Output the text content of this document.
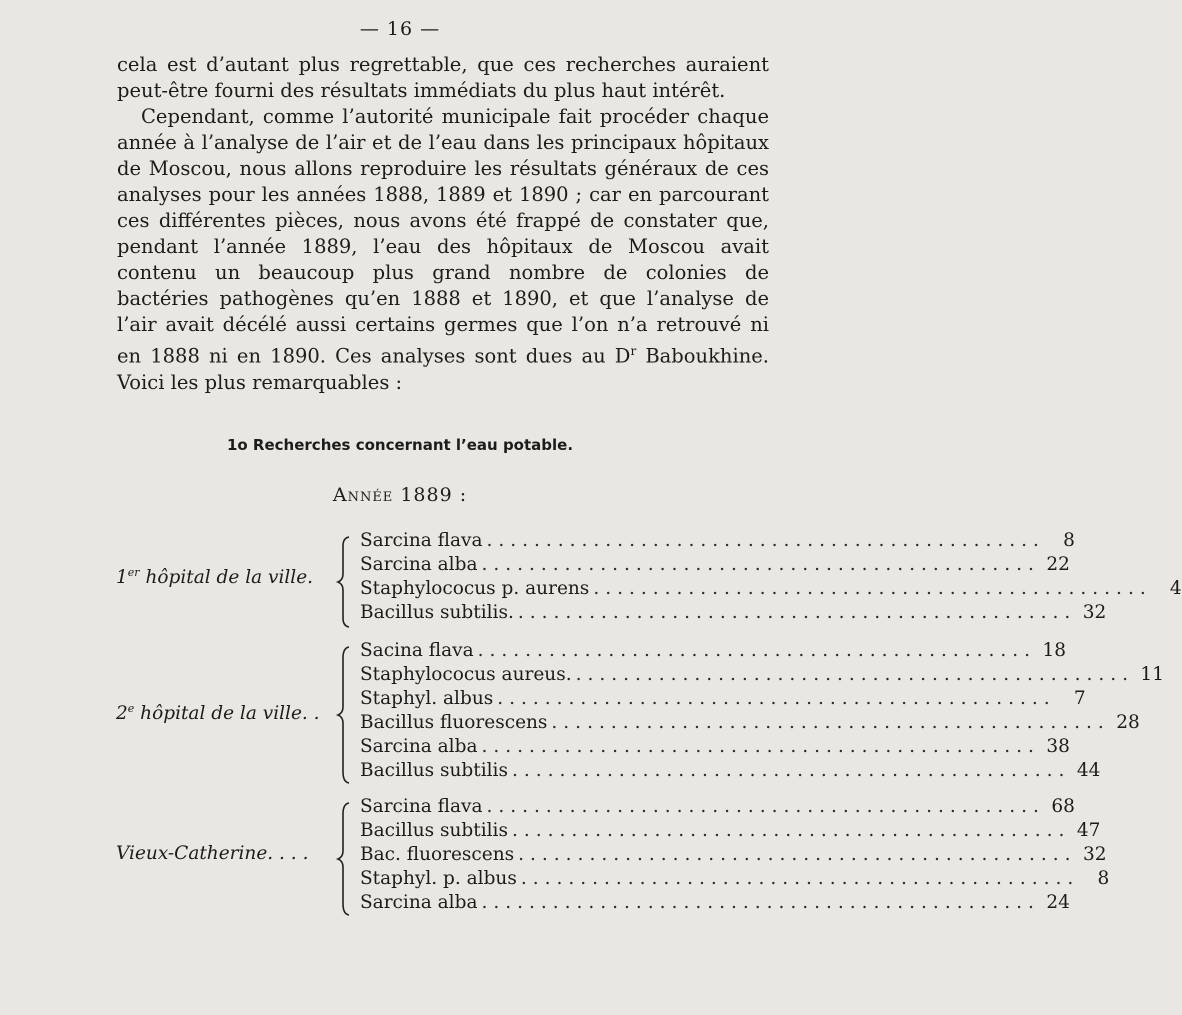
— 16 —

cela est d’autant plus regrettable, que ces recherches auraient peut-être fourni des résultats immédiats du plus haut intérêt.

Cependant, comme l’autorité municipale fait procéder chaque année à l’analyse de l’air et de l’eau dans les principaux hôpitaux de Moscou, nous allons reproduire les résultats généraux de ces analyses pour les années 1888, 1889 et 1890 ; car en parcourant ces différentes pièces, nous avons été frappé de constater que, pendant l’année 1889, l’eau des hôpitaux de Moscou avait contenu un beaucoup plus grand nombre de colonies de bactéries pathogènes qu’en 1888 et 1890, et que l’analyse de l’air avait décélé aussi certains germes que l’on n’a retrouvé ni en 1888 ni en 1890. Ces analyses sont dues au $D^r$ Baboukhine. Voici les plus remarquables :

1o Recherches concernant l’eau potable.
Année 1889 :
1er hôpital de la ville.
Sarcina flava ............................................... 8
Sarcina alba ............................................... 22
Staphylococus p. aurens ............................................... 4
Bacillus subtilis. ............................................... 32
2e hôpital de la ville. .
Sacina flava ............................................... 18
Staphylococus aureus. ............................................... 11
Staphyl. albus ............................................... 7
Bacillus fluorescens ............................................... 28
Sarcina alba ............................................... 38
Bacillus subtilis ............................................... 44
Vieux-Catherine. . . .
Sarcina flava ............................................... 68
Bacillus subtilis ............................................... 47
Bac. fluorescens ............................................... 32
Staphyl. p. albus ............................................... 8
Sarcina alba ............................................... 24
